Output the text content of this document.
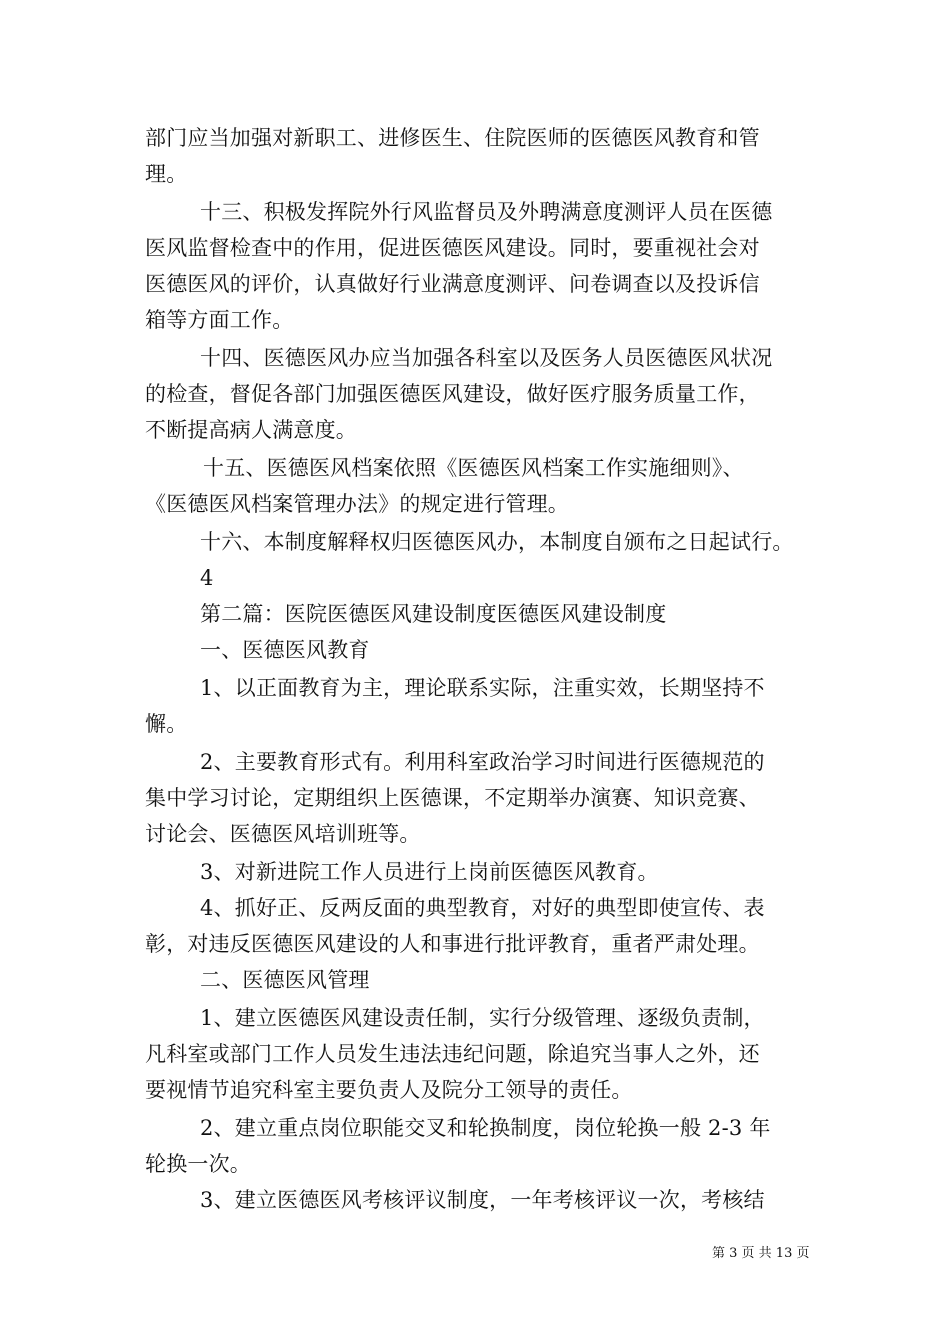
部门应当加强对新职工、进修医生、住院医师的医德医风教育和管
理。
十三、积极发挥院外行风监督员及外聘满意度测评人员在医德
医风监督检查中的作用，促进医德医风建设。同时，要重视社会对
医德医风的评价，认真做好行业满意度测评、问卷调查以及投诉信
箱等方面工作。
十四、医德医风办应当加强各科室以及医务人员医德医风状况
的检查，督促各部门加强医德医风建设，做好医疗服务质量工作，
不断提高病人满意度。
十五、医德医风档案依照《医德医风档案工作实施细则》、
《医德医风档案管理办法》的规定进行管理。
十六、本制度解释权归医德医风办，本制度自颁布之日起试行。
4
第二篇：医院医德医风建设制度医德医风建设制度
一、医德医风教育
1、以正面教育为主，理论联系实际，注重实效，长期坚持不
懈。
2、主要教育形式有。利用科室政治学习时间进行医德规范的
集中学习讨论，定期组织上医德课，不定期举办演赛、知识竞赛、
讨论会、医德医风培训班等。
3、对新进院工作人员进行上岗前医德医风教育。
4、抓好正、反两反面的典型教育，对好的典型即使宣传、表
彰，对违反医德医风建设的人和事进行批评教育，重者严肃处理。
二、医德医风管理
1、建立医德医风建设责任制，实行分级管理、逐级负责制，
凡科室或部门工作人员发生违法违纪问题，除追究当事人之外，还
要视情节追究科室主要负责人及院分工领导的责任。
2、建立重点岗位职能交叉和轮换制度，岗位轮换一般 2-3 年
轮换一次。
3、建立医德医风考核评议制度，一年考核评议一次，考核结
第 3 页 共 13 页
